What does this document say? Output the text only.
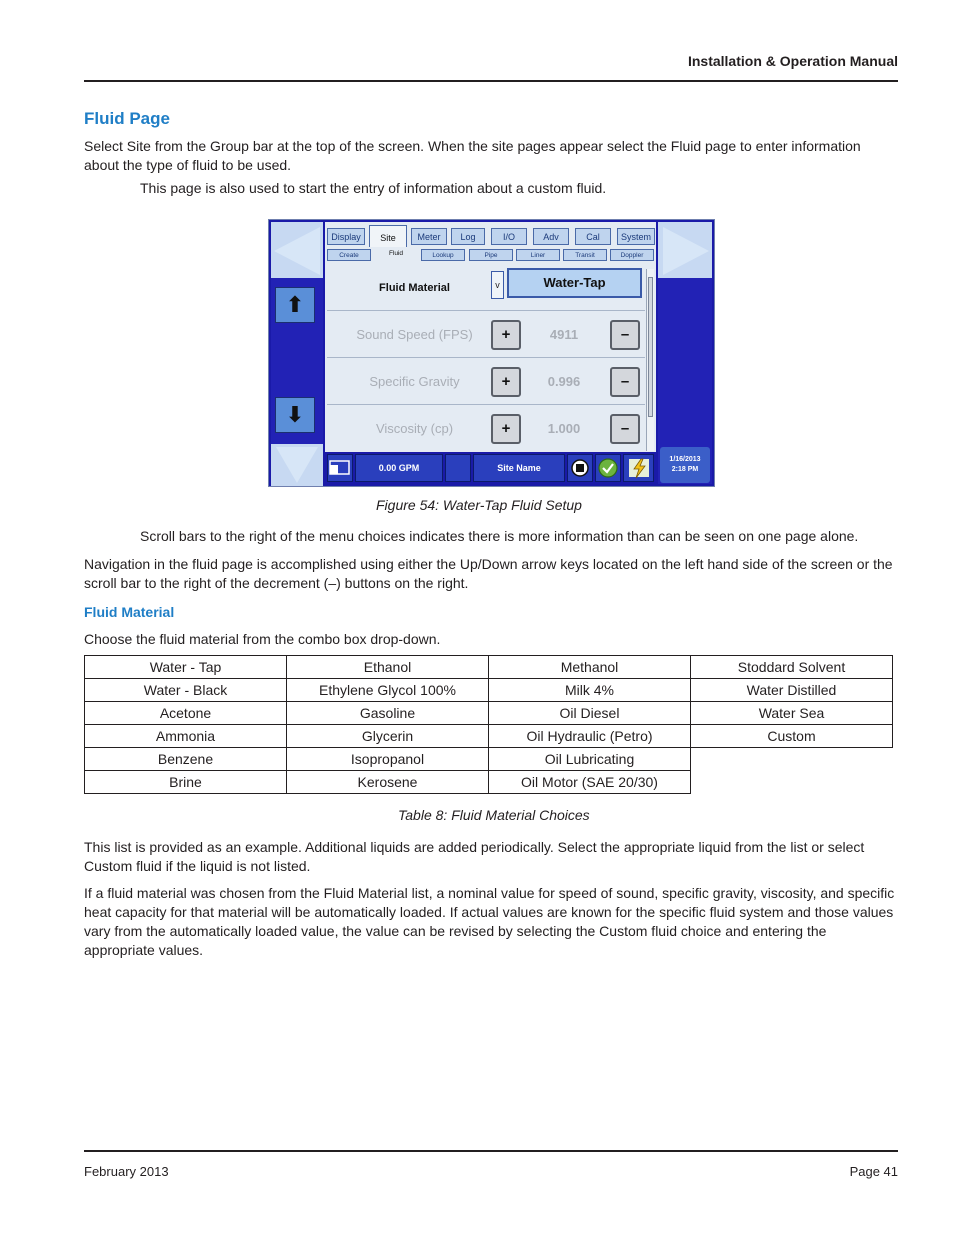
Installation & Operation Manual
Fluid Page

Select Site from the Group bar at the top of the screen. When the site pages appear select the Fluid page to enter information about the type of fluid to be used.

This page is also used to start the entry of information about a custom fluid.

⬆
⬇
1/16/2013
2:18 PM
Display	Site	Meter	Log	I/O	Adv	Cal	System
Create	Fluid	Lookup	Pipe	Liner	Transit	Doppler
Fluid Material	v	Water-Tap
Sound Speed (FPS)	+	4911	–
Specific Gravity	+	0.996	–
Viscosity (cp)	+	1.000	–
0.00 GPM	Site Name
Figure 54: Water-Tap Fluid Setup

Scroll bars to the right of the menu choices indicates there is more information than can be seen on one page alone.

Navigation in the fluid page is accomplished using either the Up/Down arrow keys located on the left hand side of the screen or the scroll bar to the right of the decrement (–) buttons on the right.

Fluid Material

Choose the fluid material from the combo box drop-down.

Water - Tap	Ethanol	Methanol	Stoddard Solvent
Water - Black	Ethylene Glycol 100%	Milk 4%	Water Distilled
Acetone	Gasoline	Oil Diesel	Water Sea
Ammonia	Glycerin	Oil Hydraulic (Petro)	Custom
Benzene	Isopropanol	Oil Lubricating	
Brine	Kerosene	Oil Motor (SAE 20/30)	
Table 8: Fluid Material Choices

This list is provided as an example. Additional liquids are added periodically. Select the appropriate liquid from the list or select Custom fluid if the liquid is not listed.

If a fluid material was chosen from the Fluid Material list, a nominal value for speed of sound, specific gravity, viscosity, and specific heat capacity for that material will be automatically loaded. If actual values are known for the specific fluid system and those values vary from the automatically loaded value, the value can be revised by selecting the Custom fluid choice and entering the appropriate values.

February 2013	Page 41
